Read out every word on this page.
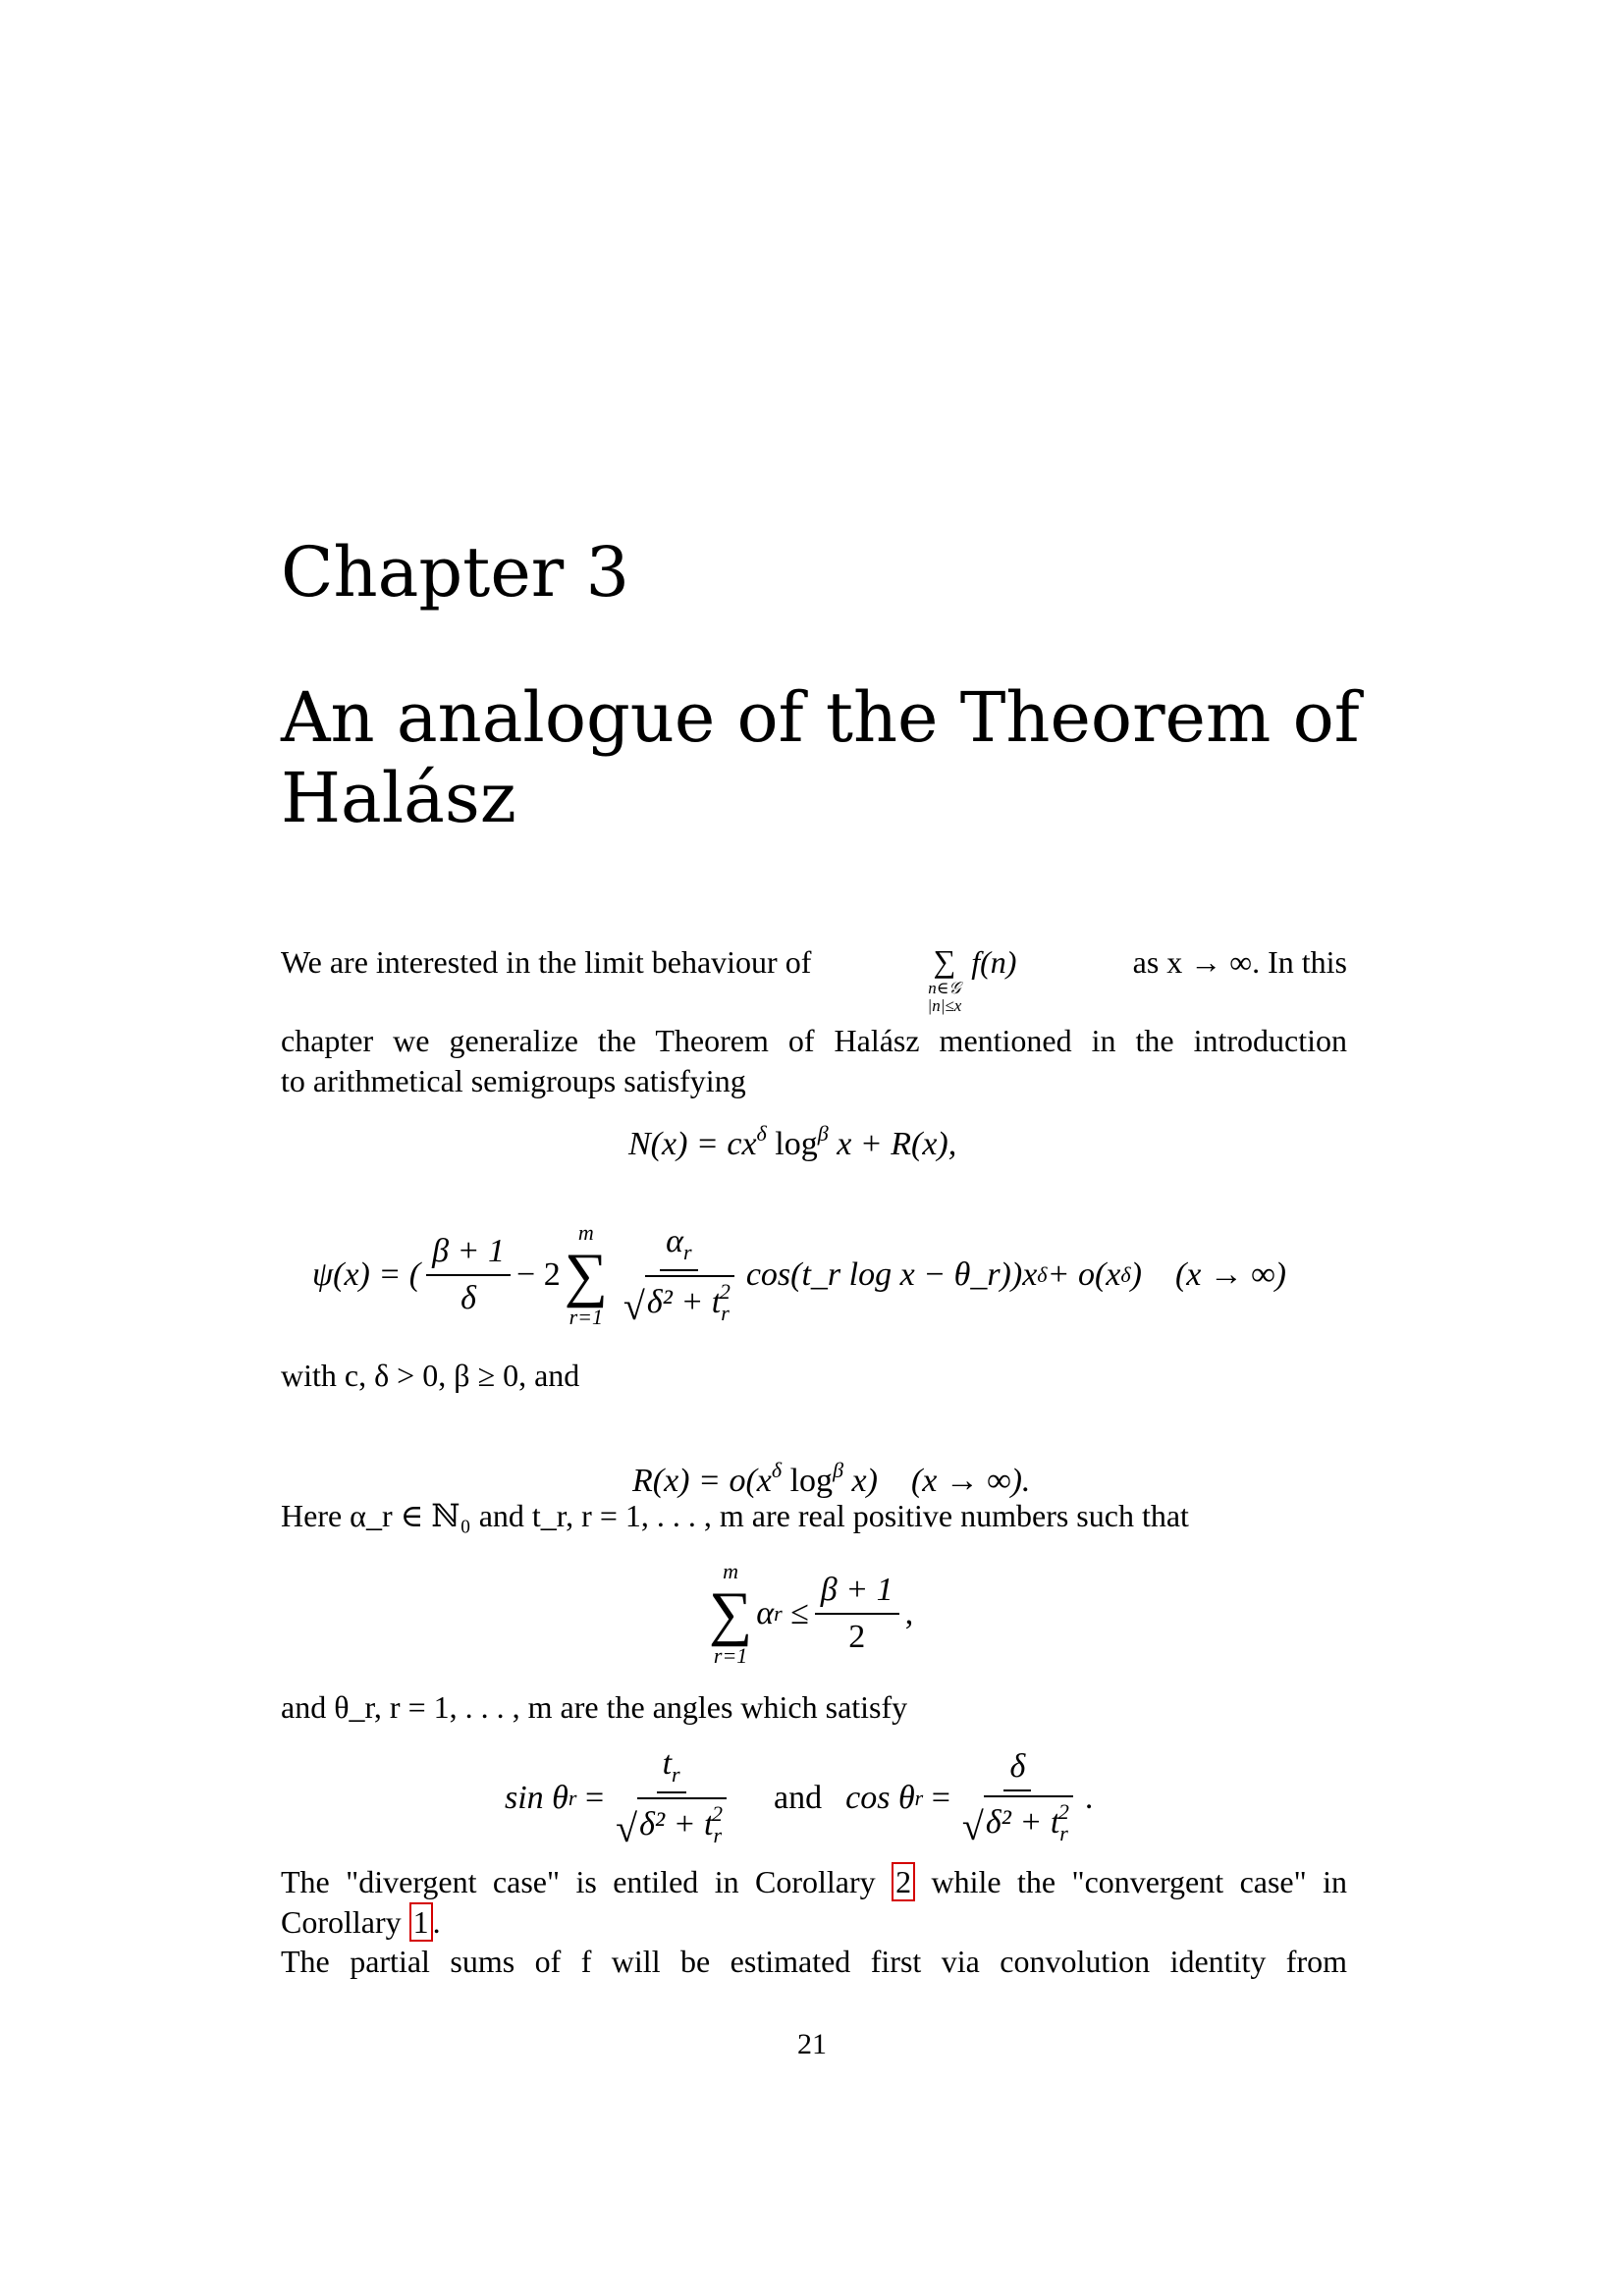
Chapter 3
An analogue of the Theorem of
Halász
We are interested in the limit behaviour of	∑
n∈𝒢
|n|≤x
f(n)	as x → ∞. In this
chapter we generalize the Theorem of Halász mentioned in the introduction
to arithmetical semigroups satisfying
$N(x) = cx^\delta$ $\log^\beta x + R(x)$,
ψ(x) = ( $\frac{\beta + 1}{\delta} - 2$
m
∑
$r=1 \frac{\alpha_r}{√ \delta^2 + t_r^2}$ cos(t_r log x − θ_r))x δ + o(x δ )    (x → ∞)
with c, δ > 0, β ≥ 0, and

$R(x) = o(x^\delta$ $\log^\beta x$)    (x → ∞).

Here α_r ∈ ℕ₀ and t_r, r = 1, . . . , m are real positive numbers such that
m
∑
r=1
α $r \le \frac{\beta + 1}{2}$ ,
and θ_r, r = 1, . . . , m are the angles which satisfy
sin θ $r = \frac{t_r}{√ \delta^2 + t_r^2}$ and cos θ $r = \frac{\delta}{√ \delta^2 + t_r^2}$ .
The "divergent case" is entiled in Corollary 2 while the "convergent case" in
Corollary 1 .
The partial sums of f will be estimated first via convolution identity from
21
